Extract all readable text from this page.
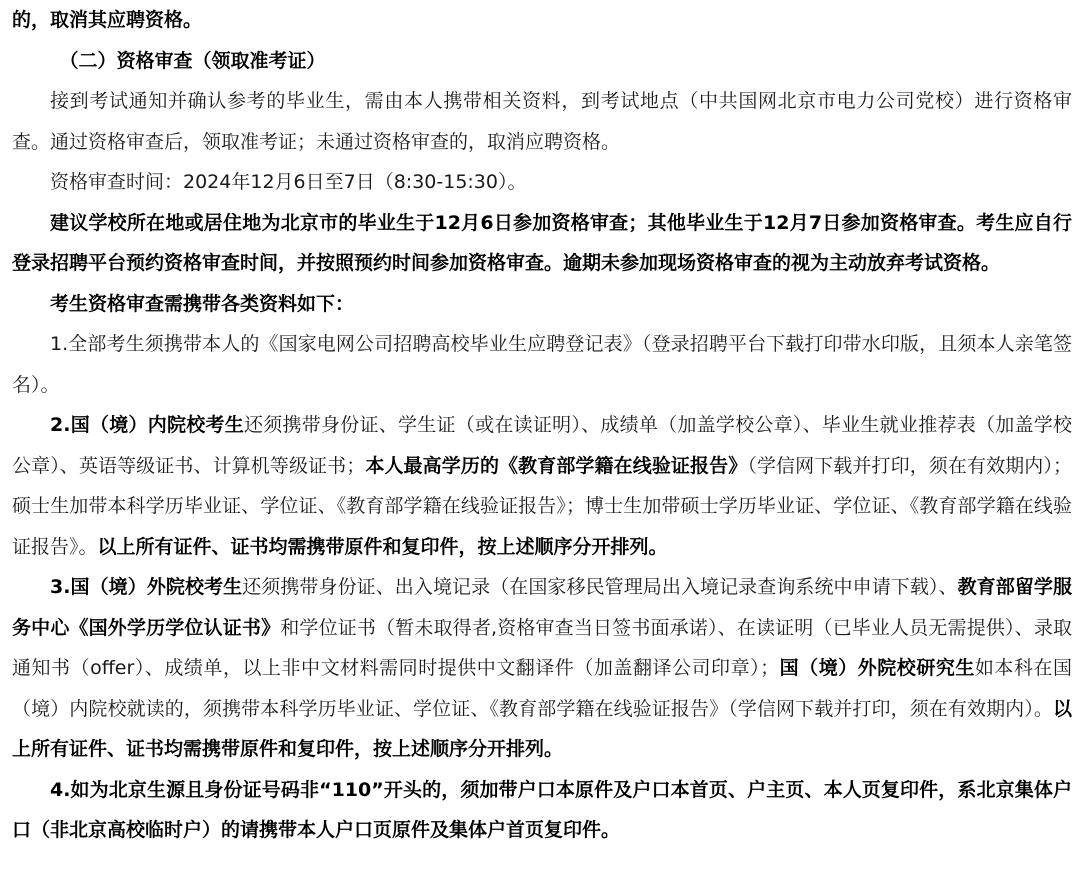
的，取消其应聘资格。

（二）资格审查（领取准考证）

接到考试通知并确认参考的毕业生，需由本人携带相关资料，到考试地点（中共国网北京市电力公司党校）进行资格审查。通过资格审查后，领取准考证；未通过资格审查的，取消应聘资格。

资格审查时间：2024年12月6日至7日（8:30-15:30）。

建议学校所在地或居住地为北京市的毕业生于12月6日参加资格审查；其他毕业生于12月7日参加资格审查。考生应自行登录招聘平台预约资格审查时间，并按照预约时间参加资格审查。逾期未参加现场资格审查的视为主动放弃考试资格。

考生资格审查需携带各类资料如下：

1.全部考生须携带本人的《国家电网公司招聘高校毕业生应聘登记表》（登录招聘平台下载打印带水印版，且须本人亲笔签名）。

2.国（境）内院校考生还须携带身份证、学生证（或在读证明）、成绩单（加盖学校公章）、毕业生就业推荐表（加盖学校公章）、英语等级证书、计算机等级证书；本人最高学历的《教育部学籍在线验证报告》（学信网下载并打印，须在有效期内）；硕士生加带本科学历毕业证、学位证、《教育部学籍在线验证报告》；博士生加带硕士学历毕业证、学位证、《教育部学籍在线验证报告》。以上所有证件、证书均需携带原件和复印件，按上述顺序分开排列。

3.国（境）外院校考生还须携带身份证、出入境记录（在国家移民管理局出入境记录查询系统中申请下载）、教育部留学服务中心《国外学历学位认证书》和学位证书（暂未取得者,资格审查当日签书面承诺）、在读证明（已毕业人员无需提供）、录取通知书（offer）、成绩单，以上非中文材料需同时提供中文翻译件（加盖翻译公司印章）；国（境）外院校研究生如本科在国（境）内院校就读的，须携带本科学历毕业证、学位证、《教育部学籍在线验证报告》（学信网下载并打印，须在有效期内）。以上所有证件、证书均需携带原件和复印件，按上述顺序分开排列。

4.如为北京生源且身份证号码非“110”开头的，须加带户口本原件及户口本首页、户主页、本人页复印件，系北京集体户口（非北京高校临时户）的请携带本人户口页原件及集体户首页复印件。
